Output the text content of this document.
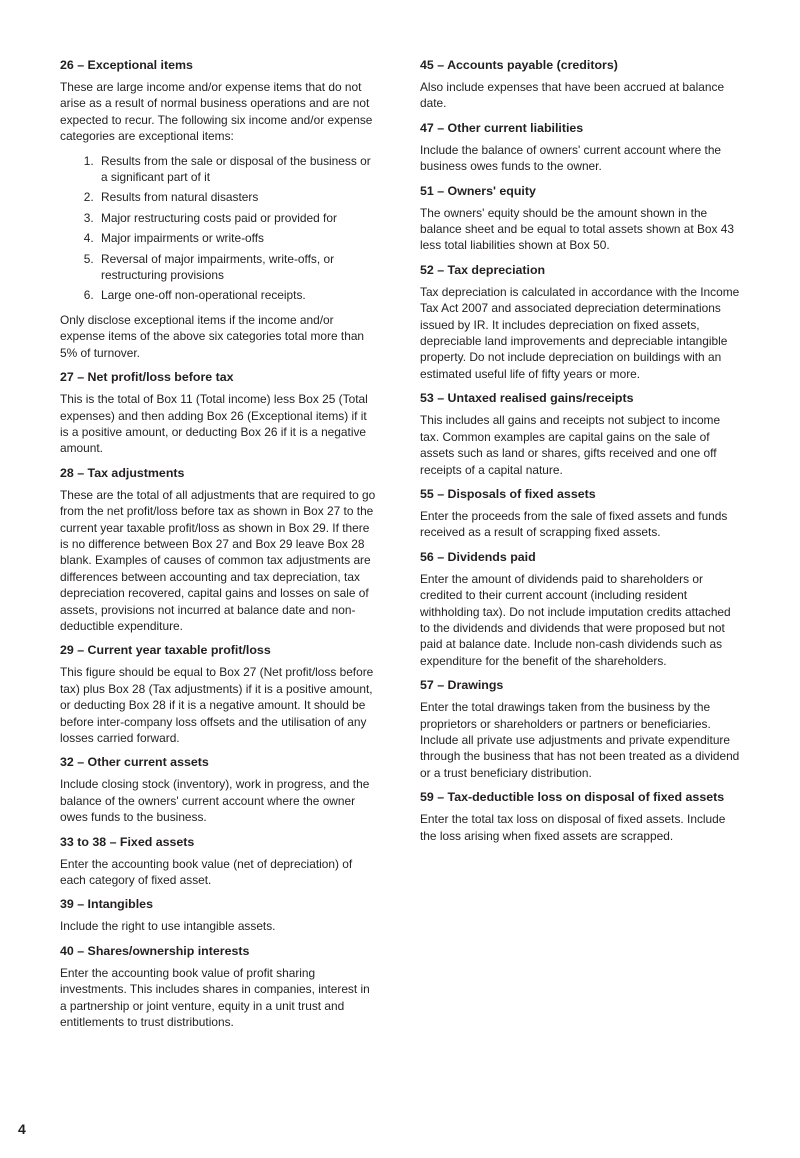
26 – Exceptional items

These are large income and/or expense items that do not arise as a result of normal business operations and are not expected to recur. The following six income and/or expense categories are exceptional items:

1. Results from the sale or disposal of the business or a significant part of it
2. Results from natural disasters
3. Major restructuring costs paid or provided for
4. Major impairments or write-offs
5. Reversal of major impairments, write-offs, or restructuring provisions
6. Large one-off non-operational receipts.

Only disclose exceptional items if the income and/or expense items of the above six categories total more than 5% of turnover.

27 – Net profit/loss before tax

This is the total of Box 11 (Total income) less Box 25 (Total expenses) and then adding Box 26 (Exceptional items) if it is a positive amount, or deducting Box 26 if it is a negative amount.

28 – Tax adjustments

These are the total of all adjustments that are required to go from the net profit/loss before tax as shown in Box 27 to the current year taxable profit/loss as shown in Box 29. If there is no difference between Box 27 and Box 29 leave Box 28 blank. Examples of causes of common tax adjustments are differences between accounting and tax depreciation, tax depreciation recovered, capital gains and losses on sale of assets, provisions not incurred at balance date and non-deductible expenditure.

29 – Current year taxable profit/loss

This figure should be equal to Box 27 (Net profit/loss before tax) plus Box 28 (Tax adjustments) if it is a positive amount, or deducting Box 28 if it is a negative amount. It should be before inter-company loss offsets and the utilisation of any losses carried forward.

32 – Other current assets

Include closing stock (inventory), work in progress, and the balance of the owners' current account where the owner owes funds to the business.

33 to 38 – Fixed assets

Enter the accounting book value (net of depreciation) of each category of fixed asset.

39 – Intangibles

Include the right to use intangible assets.

40 – Shares/ownership interests

Enter the accounting book value of profit sharing investments. This includes shares in companies, interest in a partnership or joint venture, equity in a unit trust and entitlements to trust distributions.

45 – Accounts payable (creditors)

Also include expenses that have been accrued at balance date.

47 – Other current liabilities

Include the balance of owners' current account where the business owes funds to the owner.

51 – Owners' equity

The owners' equity should be the amount shown in the balance sheet and be equal to total assets shown at Box 43 less total liabilities shown at Box 50.

52 – Tax depreciation

Tax depreciation is calculated in accordance with the Income Tax Act 2007 and associated depreciation determinations issued by IR. It includes depreciation on fixed assets, depreciable land improvements and depreciable intangible property. Do not include depreciation on buildings with an estimated useful life of fifty years or more.

53 – Untaxed realised gains/receipts

This includes all gains and receipts not subject to income tax. Common examples are capital gains on the sale of assets such as land or shares, gifts received and one off receipts of a capital nature.

55 – Disposals of fixed assets

Enter the proceeds from the sale of fixed assets and funds received as a result of scrapping fixed assets.

56 – Dividends paid

Enter the amount of dividends paid to shareholders or credited to their current account (including resident withholding tax). Do not include imputation credits attached to the dividends and dividends that were proposed but not paid at balance date. Include non-cash dividends such as expenditure for the benefit of the shareholders.

57 – Drawings

Enter the total drawings taken from the business by the proprietors or shareholders or partners or beneficiaries. Include all private use adjustments and private expenditure through the business that has not been treated as a dividend or a trust beneficiary distribution.

59 – Tax-deductible loss on disposal of fixed assets

Enter the total tax loss on disposal of fixed assets. Include the loss arising when fixed assets are scrapped.

4
